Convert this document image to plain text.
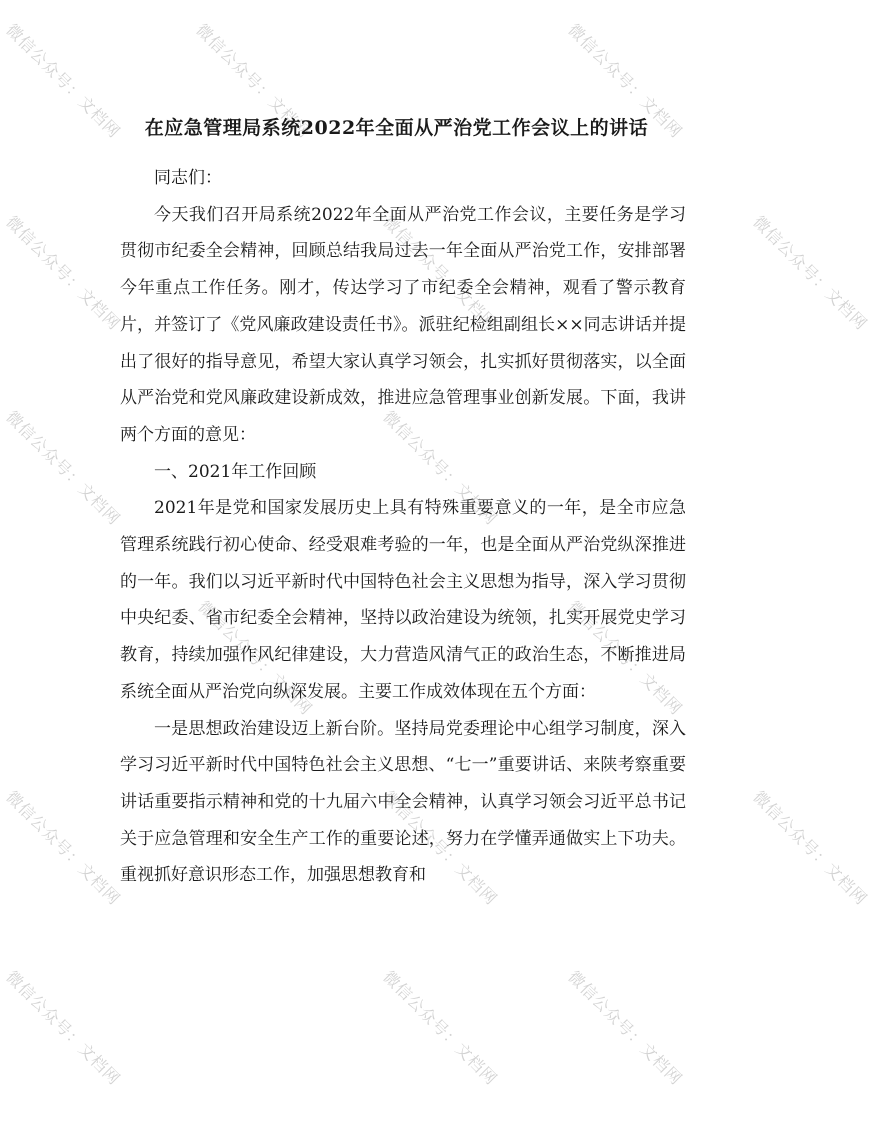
微信公众号：文档网	微信公众号：文档网	微信公众号：文档网
微信公众号：文档网	微信公众号：文档网	微信公众号：文档网
微信公众号：文档网	微信公众号：文档网
微信公众号：文档网	微信公众号：文档网
微信公众号：文档网	微信公众号：文档网	微信公众号：文档网
微信公众号：文档网	微信公众号：文档网	微信公众号：文档网
在应急管理局系统2022年全面从严治党工作会议上的讲话

同志们：

今天我们召开局系统2022年全面从严治党工作会议，主要任务是学习贯彻市纪委全会精神，回顾总结我局过去一年全面从严治党工作，安排部署今年重点工作任务。刚才，传达学习了市纪委全会精神，观看了警示教育片，并签订了《党风廉政建设责任书》。派驻纪检组副组长××同志讲话并提出了很好的指导意见，希望大家认真学习领会，扎实抓好贯彻落实，以全面从严治党和党风廉政建设新成效，推进应急管理事业创新发展。下面，我讲两个方面的意见：

一、2021年工作回顾

2021年是党和国家发展历史上具有特殊重要意义的一年，是全市应急管理系统践行初心使命、经受艰难考验的一年，也是全面从严治党纵深推进的一年。我们以习近平新时代中国特色社会主义思想为指导，深入学习贯彻中央纪委、省市纪委全会精神，坚持以政治建设为统领，扎实开展党史学习教育，持续加强作风纪律建设，大力营造风清气正的政治生态，不断推进局系统全面从严治党向纵深发展。主要工作成效体现在五个方面：

一是思想政治建设迈上新台阶。坚持局党委理论中心组学习制度，深入学习习近平新时代中国特色社会主义思想、“七一”重要讲话、来陕考察重要讲话重要指示精神和党的十九届六中全会精神，认真学习领会习近平总书记关于应急管理和安全生产工作的重要论述，努力在学懂弄通做实上下功夫。重视抓好意识形态工作，加强思想教育和
